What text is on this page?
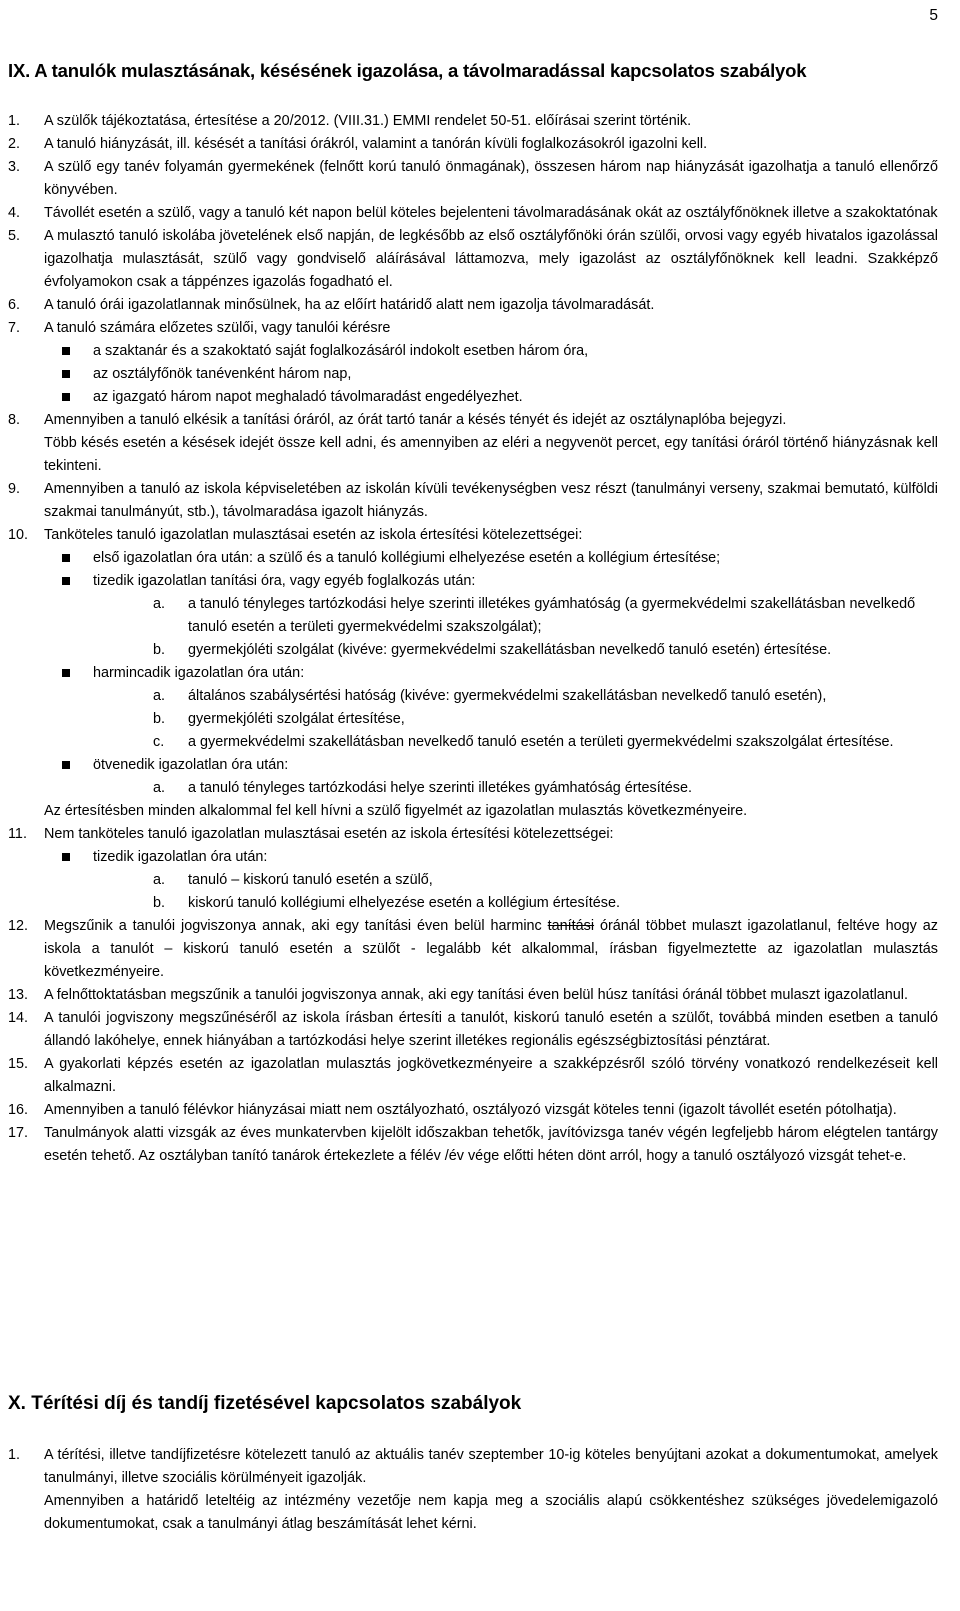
5
IX. A tanulók mulasztásának, késésének igazolása, a távolmaradással kapcsolatos szabályok
1.	A szülők tájékoztatása, értesítése a 20/2012. (VIII.31.) EMMI rendelet 50-51. előírásai szerint történik.
2.	A tanuló hiányzását, ill. késését a tanítási órákról, valamint a tanórán kívüli foglalkozásokról igazolni kell.
3.	A szülő egy tanév folyamán gyermekének (felnőtt korú tanuló önmagának), összesen három nap hiányzását igazolhatja a tanuló ellenőrző könyvében.
4.	Távollét esetén a szülő, vagy a tanuló két napon belül köteles bejelenteni távolmaradásának okát az osztályfőnöknek illetve a szakoktatónak
5.	A mulasztó tanuló iskolába jövetelének első napján, de legkésőbb az első osztályfőnöki órán szülői, orvosi vagy egyéb hivatalos igazolással igazolhatja mulasztását, szülő vagy gondviselő aláírásával láttamozva, mely igazolást az osztályfőnöknek kell leadni. Szakképző évfolyamokon csak a táppénzes igazolás fogadható el.
6.	A tanuló órái igazolatlannak minősülnek, ha az előírt határidő alatt nem igazolja távolmaradását.
7.	A tanuló számára előzetes szülői, vagy tanulói kérésre
a szaktanár és a szakoktató saját foglalkozásáról indokolt esetben három óra,
az osztályfőnök tanévenként három nap,
az igazgató három napot meghaladó távolmaradást engedélyezhet.
8.	Amennyiben a tanuló elkésik a tanítási óráról, az órát tartó tanár a késés tényét és idejét az osztálynaplóba bejegyzi.
Több késés esetén a késések idejét össze kell adni, és amennyiben az eléri a negyvenöt percet, egy tanítási óráról történő hiányzásnak kell tekinteni.
9.	Amennyiben a tanuló az iskola képviseletében az iskolán kívüli tevékenységben vesz részt (tanulmányi verseny, szakmai bemutató, külföldi szakmai tanulmányút, stb.), távolmaradása igazolt hiányzás.
10.	Tanköteles tanuló igazolatlan mulasztásai esetén az iskola értesítési kötelezettségei:
első igazolatlan óra után: a szülő és a tanuló kollégiumi elhelyezése esetén a kollégium értesítése;
tizedik igazolatlan tanítási óra, vagy egyéb foglalkozás után:
a.	a tanuló tényleges tartózkodási helye szerinti illetékes gyámhatóság (a gyermekvédelmi szakellátásban nevelkedő tanuló esetén a területi gyermekvédelmi szakszolgálat);
b.	gyermekjóléti szolgálat (kivéve: gyermekvédelmi szakellátásban nevelkedő tanuló esetén) értesítése.
harmincadik igazolatlan óra után:
a.	általános szabálysértési hatóság (kivéve: gyermekvédelmi szakellátásban nevelkedő tanuló esetén),
b.	gyermekjóléti szolgálat értesítése,
c.	a gyermekvédelmi szakellátásban nevelkedő tanuló esetén a területi gyermekvédelmi szakszolgálat értesítése.
ötvenedik igazolatlan óra után:
a.	a tanuló tényleges tartózkodási helye szerinti illetékes gyámhatóság értesítése.
Az értesítésben minden alkalommal fel kell hívni a szülő figyelmét az igazolatlan mulasztás következményeire.
11.	Nem tanköteles tanuló igazolatlan mulasztásai esetén az iskola értesítési kötelezettségei:
tizedik igazolatlan óra után:
a.	tanuló – kiskorú tanuló esetén a szülő,
b.	kiskorú tanuló kollégiumi elhelyezése esetén a kollégium értesítése.
12.	Megszűnik a tanulói jogviszonya annak, aki egy tanítási éven belül harminc tanítási óránál többet mulaszt igazolatlanul, feltéve hogy az iskola a tanulót – kiskorú tanuló esetén a szülőt - legalább két alkalommal, írásban figyelmeztette az igazolatlan mulasztás következményeire.
13.	A felnőttoktatásban megszűnik a tanulói jogviszonya annak, aki egy tanítási éven belül húsz tanítási óránál többet mulaszt igazolatlanul.
14.	A tanulói jogviszony megszűnéséről az iskola írásban értesíti a tanulót, kiskorú tanuló esetén a szülőt, továbbá minden esetben a tanuló állandó lakóhelye, ennek hiányában a tartózkodási helye szerint illetékes regionális egészségbiztosítási pénztárat.
15.	A gyakorlati képzés esetén az igazolatlan mulasztás jogkövetkezményeire a szakképzésről szóló törvény vonatkozó rendelkezéseit kell alkalmazni.
16.	Amennyiben a tanuló félévkor hiányzásai miatt nem osztályozható, osztályozó vizsgát köteles tenni (igazolt távollét esetén pótolhatja).
17.	Tanulmányok alatti vizsgák az éves munkatervben kijelölt időszakban tehetők, javítóvizsga tanév végén legfeljebb három elégtelen tantárgy esetén tehető. Az osztályban tanító tanárok értekezlete a félév /év vége előtti héten dönt arról, hogy a tanuló osztályozó vizsgát tehet-e.
X. Térítési díj és tandíj fizetésével kapcsolatos szabályok
1.	A térítési, illetve tandíjfizetésre kötelezett tanuló az aktuális tanév szeptember 10-ig köteles benyújtani azokat a dokumentumokat, amelyek tanulmányi, illetve szociális körülményeit igazolják.
Amennyiben a határidő leteltéig az intézmény vezetője nem kapja meg a szociális alapú csökkentéshez szükséges jövedelemigazoló dokumentumokat, csak a tanulmányi átlag beszámítását lehet kérni.
